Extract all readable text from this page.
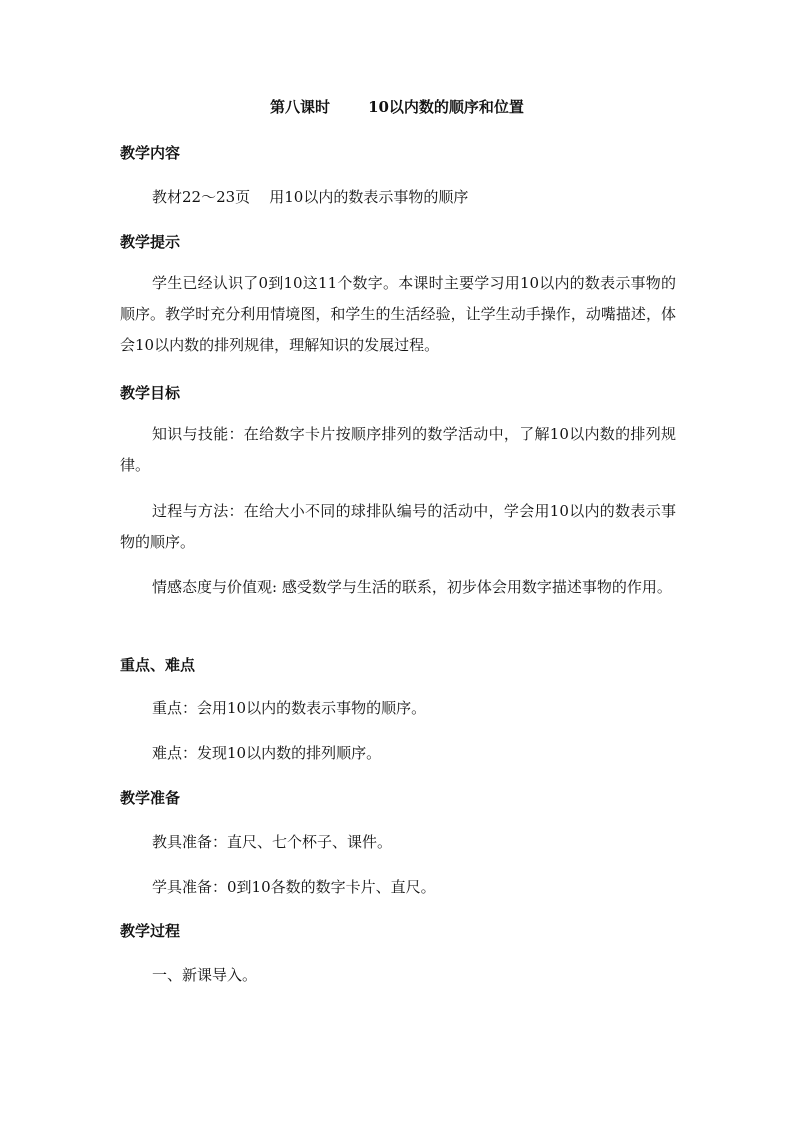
第八课时	10以内数的顺序和位置
教学内容
教材22～23页    用10以内的数表示事物的顺序
教学提示
学生已经认识了0到10这11个数字。本课时主要学习用10以内的数表示事物的顺序。教学时充分利用情境图，和学生的生活经验，让学生动手操作，动嘴描述，体会10以内数的排列规律，理解知识的发展过程。
教学目标
知识与技能：在给数字卡片按顺序排列的数学活动中，了解10以内数的排列规律。
过程与方法：在给大小不同的球排队编号的活动中，学会用10以内的数表示事物的顺序。
情感态度与价值观: 感受数学与生活的联系，初步体会用数字描述事物的作用。
重点、难点
重点：会用10以内的数表示事物的顺序。
难点：发现10以内数的排列顺序。
教学准备
教具准备：直尺、七个杯子、课件。
学具准备：0到10各数的数字卡片、直尺。
教学过程
一、新课导入。
